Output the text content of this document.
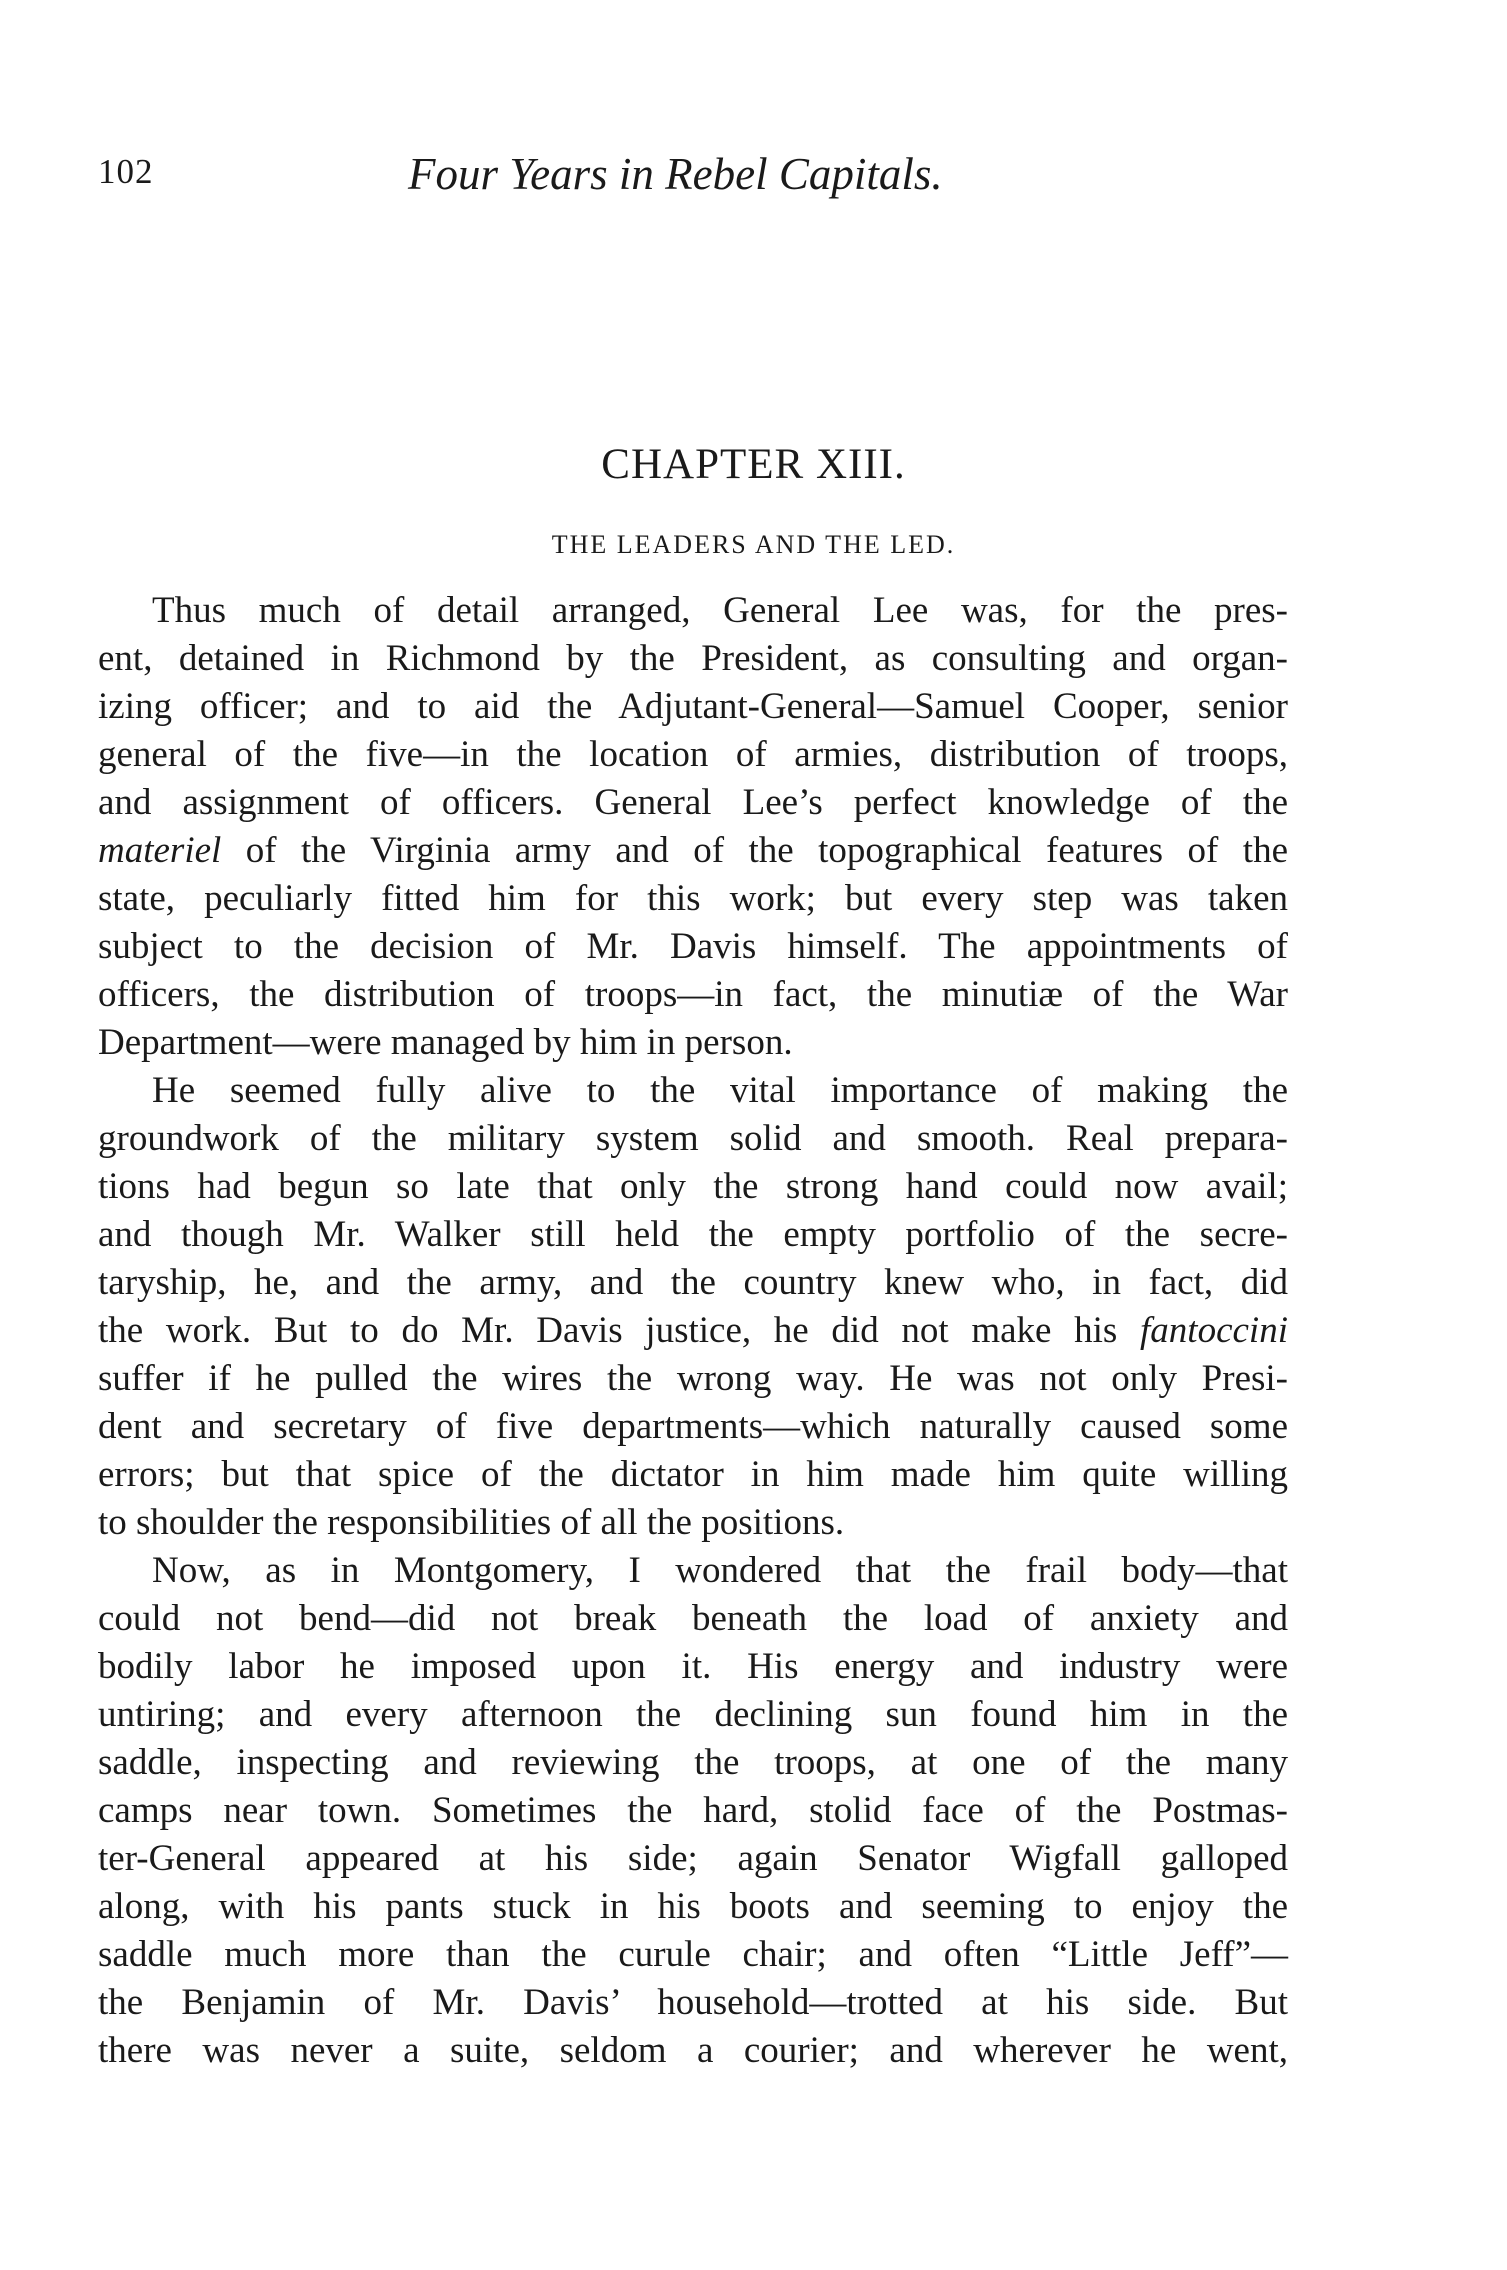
102	Four Years in Rebel Capitals.
CHAPTER XIII.
THE LEADERS AND THE LED.
Thus much of detail arranged, General Lee was, for the pres-
ent, detained in Richmond by the President, as consulting and organ-
izing officer; and to aid the Adjutant-General—Samuel Cooper, senior
general of the five—in the location of armies, distribution of troops,
and assignment of officers. General Lee’s perfect knowledge of the
materiel of the Virginia army and of the topographical features of the
state, peculiarly fitted him for this work; but every step was taken
subject to the decision of Mr. Davis himself. The appointments of
officers, the distribution of troops—in fact, the minutiæ of the War
Department—were managed by him in person.
He seemed fully alive to the vital importance of making the
groundwork of the military system solid and smooth. Real prepara-
tions had begun so late that only the strong hand could now avail;
and though Mr. Walker still held the empty portfolio of the secre-
taryship, he, and the army, and the country knew who, in fact, did
the work. But to do Mr. Davis justice, he did not make his fantoccini
suffer if he pulled the wires the wrong way. He was not only Presi-
dent and secretary of five departments—which naturally caused some
errors; but that spice of the dictator in him made him quite willing
to shoulder the responsibilities of all the positions.
Now, as in Montgomery, I wondered that the frail body—that
could not bend—did not break beneath the load of anxiety and
bodily labor he imposed upon it. His energy and industry were
untiring; and every afternoon the declining sun found him in the
saddle, inspecting and reviewing the troops, at one of the many
camps near town. Sometimes the hard, stolid face of the Postmas-
ter-General appeared at his side; again Senator Wigfall galloped
along, with his pants stuck in his boots and seeming to enjoy the
saddle much more than the curule chair; and often “Little Jeff”—
the Benjamin of Mr. Davis’ household—trotted at his side. But
there was never a suite, seldom a courier; and wherever he went,
